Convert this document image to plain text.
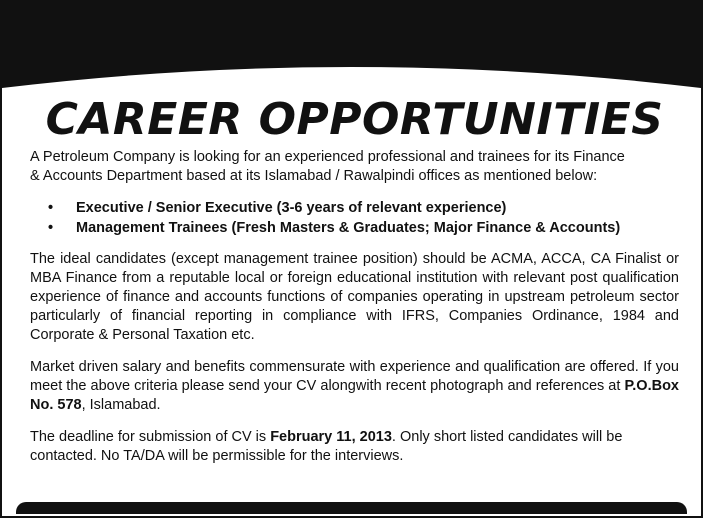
CAREER OPPORTUNITIES

A Petroleum Company is looking for an experienced professional and trainees for its Finance
& Accounts Department based at its Islamabad / Rawalpindi offices as mentioned below:

• Executive / Senior Executive (3-6 years of relevant experience)
• Management Trainees (Fresh Masters & Graduates; Major Finance & Accounts)

The ideal candidates (except management trainee position) should be ACMA, ACCA, CA Finalist or MBA Finance from a reputable local or foreign educational institution with relevant post qualification experience of finance and accounts functions of companies operating in upstream petroleum sector particularly of financial reporting in compliance with IFRS, Companies Ordinance, 1984 and Corporate & Personal Taxation etc.

Market driven salary and benefits commensurate with experience and qualification are offered. If you meet the above criteria please send your CV alongwith recent photograph and references at P.O.Box No. 578, Islamabad.

The deadline for submission of CV is February 11, 2013. Only short listed candidates will be contacted. No TA/DA will be permissible for the interviews.
